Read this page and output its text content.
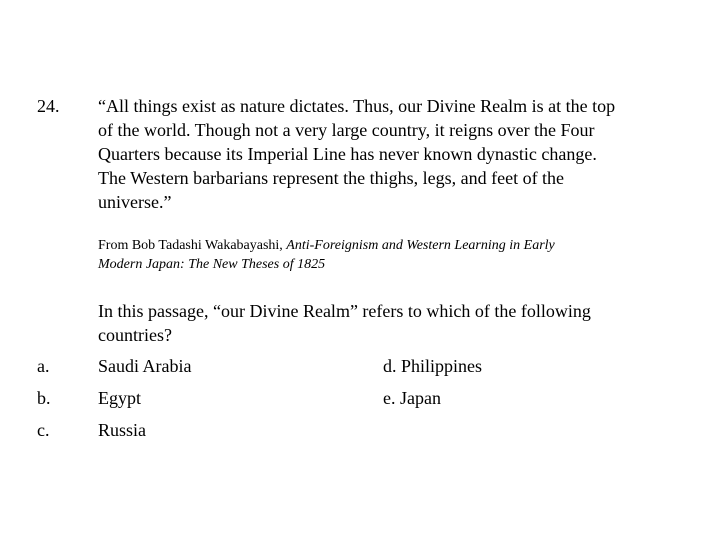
24. “All things exist as nature dictates. Thus, our Divine Realm is at the top
of the world. Though not a very large country, it reigns over the Four
Quarters because its Imperial Line has never known dynastic change.
The Western barbarians represent the thighs, legs, and feet of the
universe.”
From Bob Tadashi Wakabayashi, Anti-Foreignism and Western Learning in Early
Modern Japan: The New Theses of 1825
In this passage, “our Divine Realm” refers to which of the following
countries?
a.	Saudi Arabia
b.	Egypt
c.	Russia
d. Philippines
e. Japan
